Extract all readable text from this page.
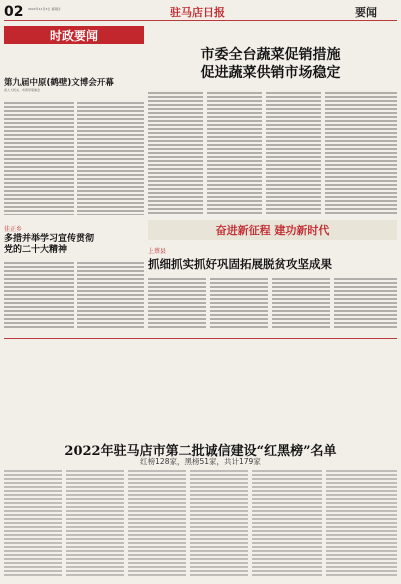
02 2022年11月3日 星期四	驻马店日报	要闻
时政要闻
市委全台蔬菜促销措施
促进蔬菜供销市场稳定
第九届中原(鹤壁)文博会开幕
省人大机关、市领导等参会
奋进新征程 建功新时代
佳正乡
多措并举学习宣传贯彻
党的二十大精神	上蔡县
抓细抓实抓好巩固拓展脱贫攻坚成果
2022年驻马店市第二批诚信建设“红黑榜”名单
红榜128家，黑榜51家，共计179家
